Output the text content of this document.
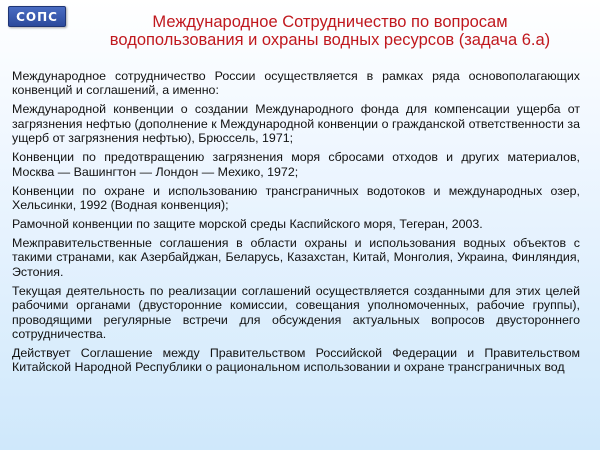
СОПС	Международное Сотрудничество по вопросам
водопользования и охраны водных ресурсов (задача 6.а)

Международное сотрудничество России осуществляется в рамках ряда основополагающих конвенций и соглашений, а именно:

Международной конвенции о создании Международного фонда для компенсации ущерба от загрязнения нефтью (дополнение к Международной конвенции о гражданской ответственности за ущерб от загрязнения нефтью), Брюссель, 1971;

Конвенции по предотвращению загрязнения моря сбросами отходов и других материалов, Москва — Вашингтон — Лондон — Мехико, 1972;

Конвенции по охране и использованию трансграничных водотоков и международных озер, Хельсинки, 1992 (Водная конвенция);

Рамочной конвенции по защите морской среды Каспийского моря, Тегеран, 2003.

Межправительственные соглашения в области охраны и использования водных объектов с такими странами, как Азербайджан, Беларусь, Казахстан, Китай, Монголия, Украина, Финляндия, Эстония.

Текущая деятельность по реализации соглашений осуществляется созданными для этих целей рабочими органами (двусторонние комиссии, совещания уполномоченных, рабочие группы), проводящими регулярные встречи для обсуждения актуальных вопросов двустороннего сотрудничества.

Действует Соглашение между Правительством Российской Федерации и Правительством Китайской Народной Республики о рациональном использовании и охране трансграничных вод
